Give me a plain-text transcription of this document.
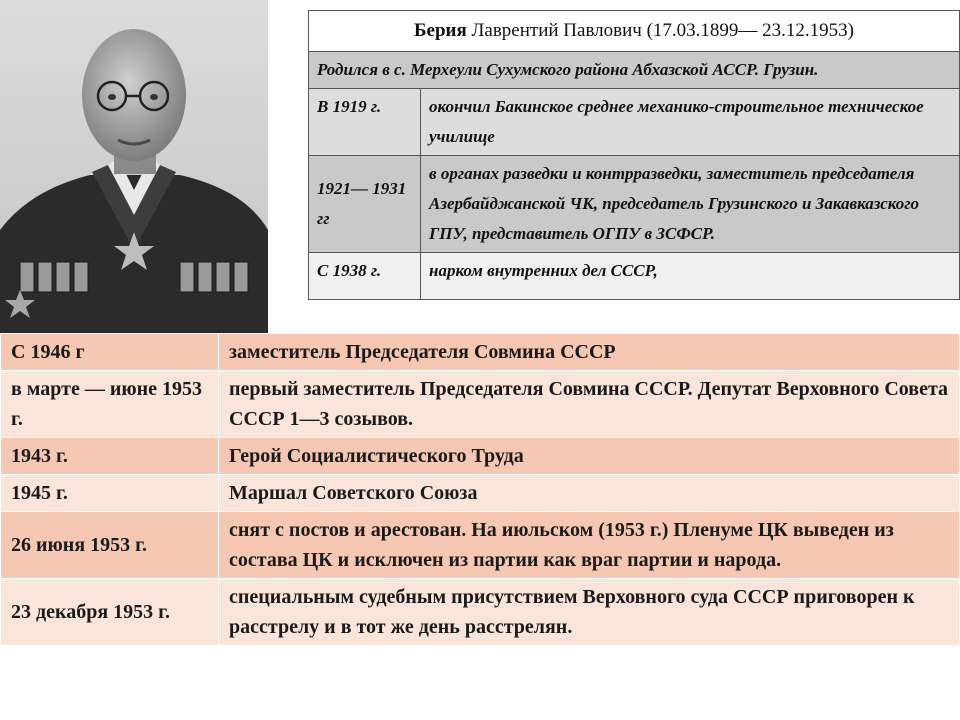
Берия Лаврентий Павлович (17.03.1899— 23.12.1953)	
Родился в с. Мерхеули Сухумского района Абхазской АССР. Грузин.	
В 1919 г.	окончил Бакинское среднее механико-строительное техническое училище
1921— 1931 гг	в органах разведки и контрразведки, заместитель председателя Азербайджанской ЧК, председатель Грузинского и Закавказского ГПУ, представитель ОГПУ в ЗСФСР.
С 1938 г.	нарком внутренних дел СССР,
С 1946 г	заместитель Председателя Совмина СССР
в марте — июне 1953 г.	первый заместитель Председателя Совмина СССР. Депутат Верховного Совета СССР 1—3 созывов.
1943 г.	Герой Социалистического Труда
1945 г.	Маршал Советского Союза
26 июня 1953 г.	снят с постов и арестован. На июльском (1953 г.) Пленуме ЦК выведен из состава ЦК и исключен из партии как враг партии и народа.
23 декабря 1953 г.	специальным судебным присутствием Верховного суда СССР приговорен к расстрелу и в тот же день расстрелян.
